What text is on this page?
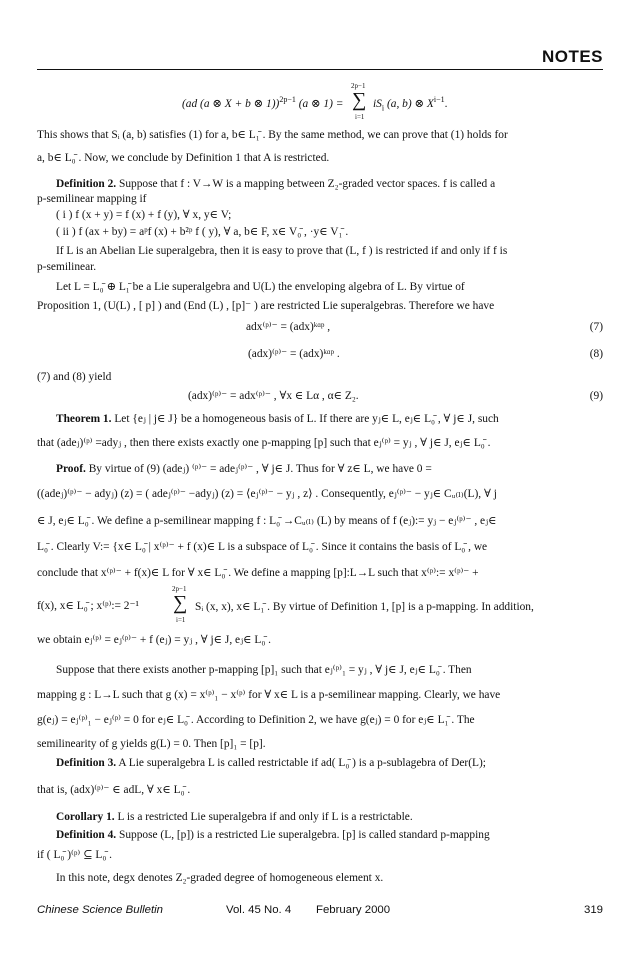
NOTES
(ad (a ⊗ X + b ⊗ 1))$^{2p-1}$ (a ⊗ 1) =
2p−1
∑
i=1
$iS_i$ (a, b) ⊗ $X^{i-1}$.
This shows that Sᵢ (a, b) satisfies (1) for a, b∈ L₁̄ . By the same method, we can prove that (1) holds for
a, b∈ L₀̄ . Now, we conclude by Definition 1 that A is restricted.
Definition 2. Suppose that f : V→W is a mapping between Z₂-graded vector spaces. f is called a
p-semilinear mapping if
( i ) f (x + y) = f (x) + f (y), ∀ x, y∈ V;
( ii ) f (ax + by) = aᵖf (x) + b²ᵖ f ( y), ∀ a, b∈ F, x∈ V₀̄ , ·y∈ V₁̄ .
If L is an Abelian Lie superalgebra, then it is easy to prove that (L, f ) is restricted if and only if f is
p-semilinear.
Let L = L₀̄ ⊕ L₁̄ be a Lie superalgebra and U(L) the enveloping algebra of L. By virtue of
Proposition 1, (U(L) , [ p] ) and (End (L) , [p]⁻ ) are restricted Lie superalgebras. Therefore we have
adx⁽ᵖ⁾⁻ = (adx)ᵏᵅᵖ ,	(7)
(adx)⁽ᵖ⁾⁻ = (adx)ᵏᵅᵖ .	(8)
(7) and (8) yield
(adx)⁽ᵖ⁾⁻ = adx⁽ᵖ⁾⁻ , ∀x ∈ Lα , α∈ Z₂.	(9)
Theorem 1. Let {eⱼ | j∈ J} be a homogeneous basis of L. If there are yⱼ∈ L, eⱼ∈ L₀̄ , ∀ j∈ J, such
that (adeⱼ)⁽ᵖ⁾ =adyⱼ , then there exists exactly one p-mapping [p] such that eⱼ⁽ᵖ⁾ = yⱼ , ∀ j∈ J, eⱼ∈ L₀̄ .
Proof. By virtue of (9) (adeⱼ) ⁽ᵖ⁾⁻ = adeⱼ⁽ᵖ⁾⁻ , ∀ j∈ J. Thus for ∀ z∈ L, we have 0 =
((adeⱼ)⁽ᵖ⁾⁻ − adyⱼ) (z) = ( adeⱼ⁽ᵖ⁾⁻ −adyⱼ) (z) = ⟨eⱼ⁽ᵖ⁾⁻ − yⱼ , z⟩ . Consequently, eⱼ⁽ᵖ⁾⁻ − yⱼ∈ Cᵤ₍ₗ₎(L), ∀ j
∈ J, eⱼ∈ L₀̄ . We define a p-semilinear mapping f : L₀̄ →Cᵤ₍ₗ₎ (L) by means of f (eⱼ):= yⱼ − eⱼ⁽ᵖ⁾⁻ , eⱼ∈
L₀̄ . Clearly V:= {x∈ L₀̄ | x⁽ᵖ⁾⁻ + f (x)∈ L is a subspace of L₀̄ . Since it contains the basis of L₀̄ , we
conclude that x⁽ᵖ⁾⁻ + f(x)∈ L for ∀ x∈ L₀̄ . We define a mapping [p]:L→L such that x⁽ᵖ⁾:= x⁽ᵖ⁾⁻ +
f(x), x∈ L₀̄ ; x⁽ᵖ⁾:= 2⁻¹
2p−1
∑
i=1
Sᵢ (x, x), x∈ L₁̄ . By virtue of Definition 1, [p] is a p-mapping. In addition,
we obtain eⱼ⁽ᵖ⁾ = eⱼ⁽ᵖ⁾⁻ + f (eⱼ) = yⱼ , ∀ j∈ J, eⱼ∈ L₀̄ .
Suppose that there exists another p-mapping [p]₁ such that eⱼ⁽ᵖ⁾₁ = yⱼ , ∀ j∈ J, eⱼ∈ L₀̄ . Then
mapping g : L→L such that g (x) = x⁽ᵖ⁾₁ − x⁽ᵖ⁾ for ∀ x∈ L is a p-semilinear mapping. Clearly, we have
g(eⱼ) = eⱼ⁽ᵖ⁾₁ − eⱼ⁽ᵖ⁾ = 0 for eⱼ∈ L₀̄ . According to Definition 2, we have g(eⱼ) = 0 for eⱼ∈ L₁̄ . The
semilinearity of g yields g(L) = 0. Then [p]₁ = [p].
Definition 3. A Lie superalgebra L is called restrictable if ad( L₀̄ ) is a p-sublagebra of Der(L);
that is, (adx)⁽ᵖ⁾⁻ ∈ adL, ∀ x∈ L₀̄ .
Corollary 1. L is a restricted Lie superalgebra if and only if L is a restrictable.
Definition 4. Suppose (L, [p]) is a restricted Lie superalgebra. [p] is called standard p-mapping
if ( L₀̄ )⁽ᵖ⁾ ⊆ L₀̄ .
In this note, degx denotes Z₂-graded degree of homogeneous element x.
Chinese Science Bulletin	Vol. 45 No. 4 February 2000	319
